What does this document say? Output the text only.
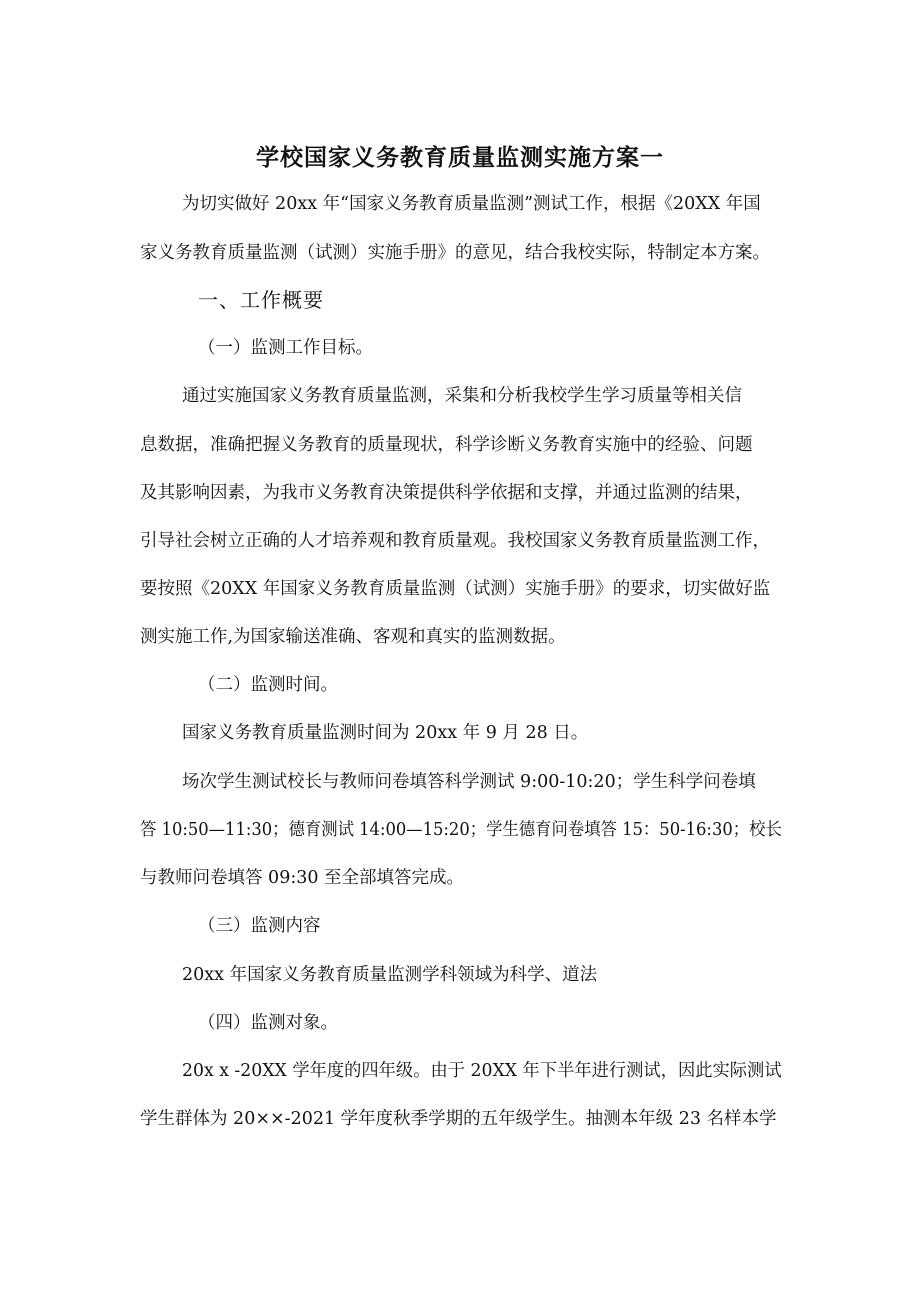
学校国家义务教育质量监测实施方案一
为切实做好 20xx 年“国家义务教育质量监测”测试工作，根据《20XX 年国
家义务教育质量监测（试测）实施手册》的意见，结合我校实际，特制定本方案。
一、工作概要
（一）监测工作目标。
通过实施国家义务教育质量监测，采集和分析我校学生学习质量等相关信
息数据，准确把握义务教育的质量现状，科学诊断义务教育实施中的经验、问题
及其影响因素，为我市义务教育决策提供科学依据和支撑，并通过监测的结果，
引导社会树立正确的人才培养观和教育质量观。我校国家义务教育质量监测工作，
要按照《20XX 年国家义务教育质量监测（试测）实施手册》的要求，切实做好监
测实施工作,为国家输送准确、客观和真实的监测数据。
（二）监测时间。
国家义务教育质量监测时间为 20xx 年 9 月 28 日。
场次学生测试校长与教师问卷填答科学测试 9:00-10:20；学生科学问卷填
答 10:50—11:30；德育测试 14:00—15:20；学生德育问卷填答 15：50-16:30；校长
与教师问卷填答 09:30 至全部填答完成。
（三）监测内容
20xx 年国家义务教育质量监测学科领域为科学、道法
（四）监测对象。
20x x -20XX 学年度的四年级。由于 20XX 年下半年进行测试，因此实际测试
学生群体为 20××-2021 学年度秋季学期的五年级学生。抽测本年级 23 名样本学
